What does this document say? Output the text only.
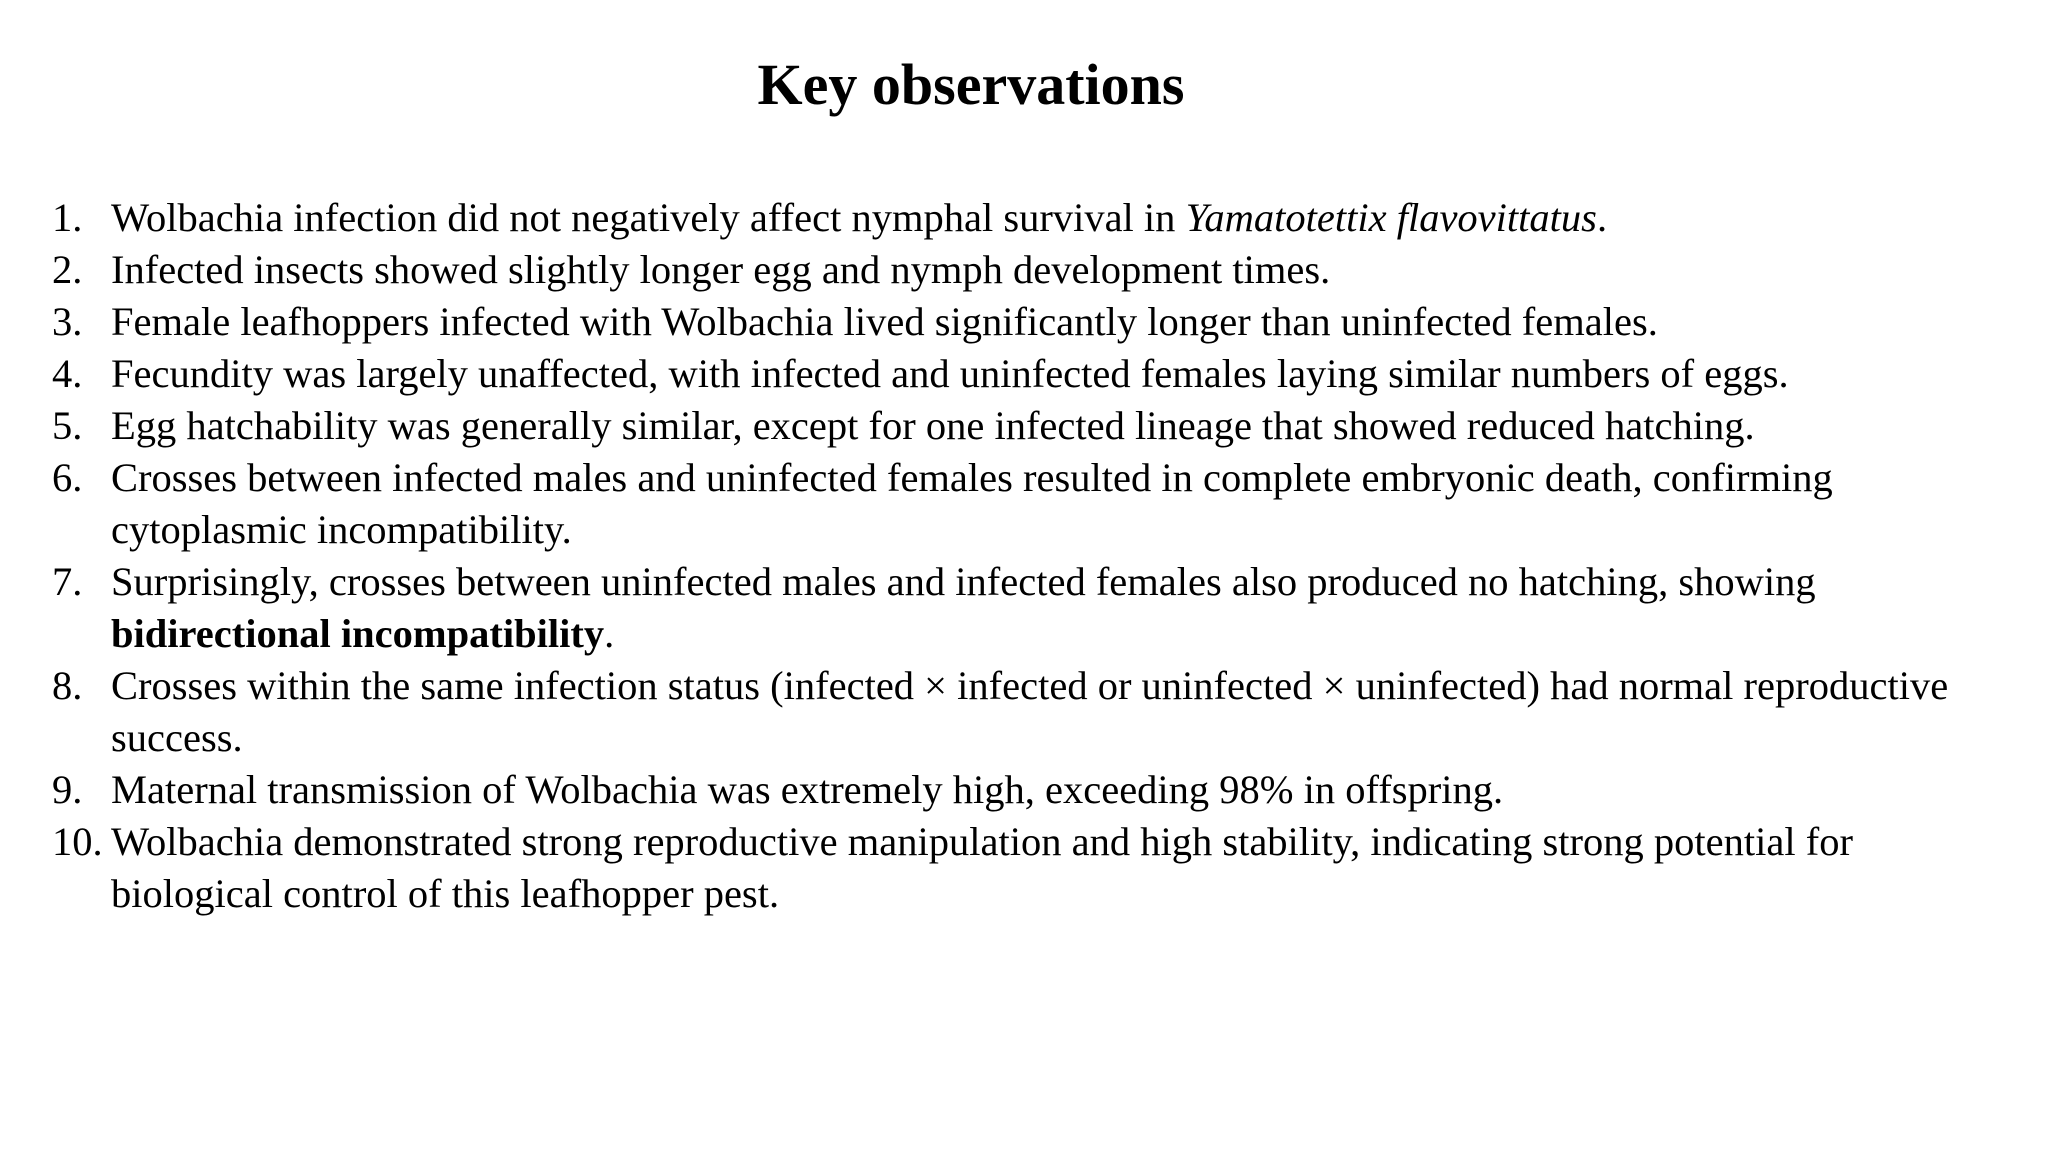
Key observations
1. Wolbachia infection did not negatively affect nymphal survival in Yamatotettix flavovittatus.
2. Infected insects showed slightly longer egg and nymph development times.
3. Female leafhoppers infected with Wolbachia lived significantly longer than uninfected females.
4. Fecundity was largely unaffected, with infected and uninfected females laying similar numbers of eggs.
5. Egg hatchability was generally similar, except for one infected lineage that showed reduced hatching.
6. Crosses between infected males and uninfected females resulted in complete embryonic death, confirming cytoplasmic incompatibility.
7. Surprisingly, crosses between uninfected males and infected females also produced no hatching, showing bidirectional incompatibility.
8. Crosses within the same infection status (infected × infected or uninfected × uninfected) had normal reproductive success.
9. Maternal transmission of Wolbachia was extremely high, exceeding 98% in offspring.
10. Wolbachia demonstrated strong reproductive manipulation and high stability, indicating strong potential for biological control of this leafhopper pest.
